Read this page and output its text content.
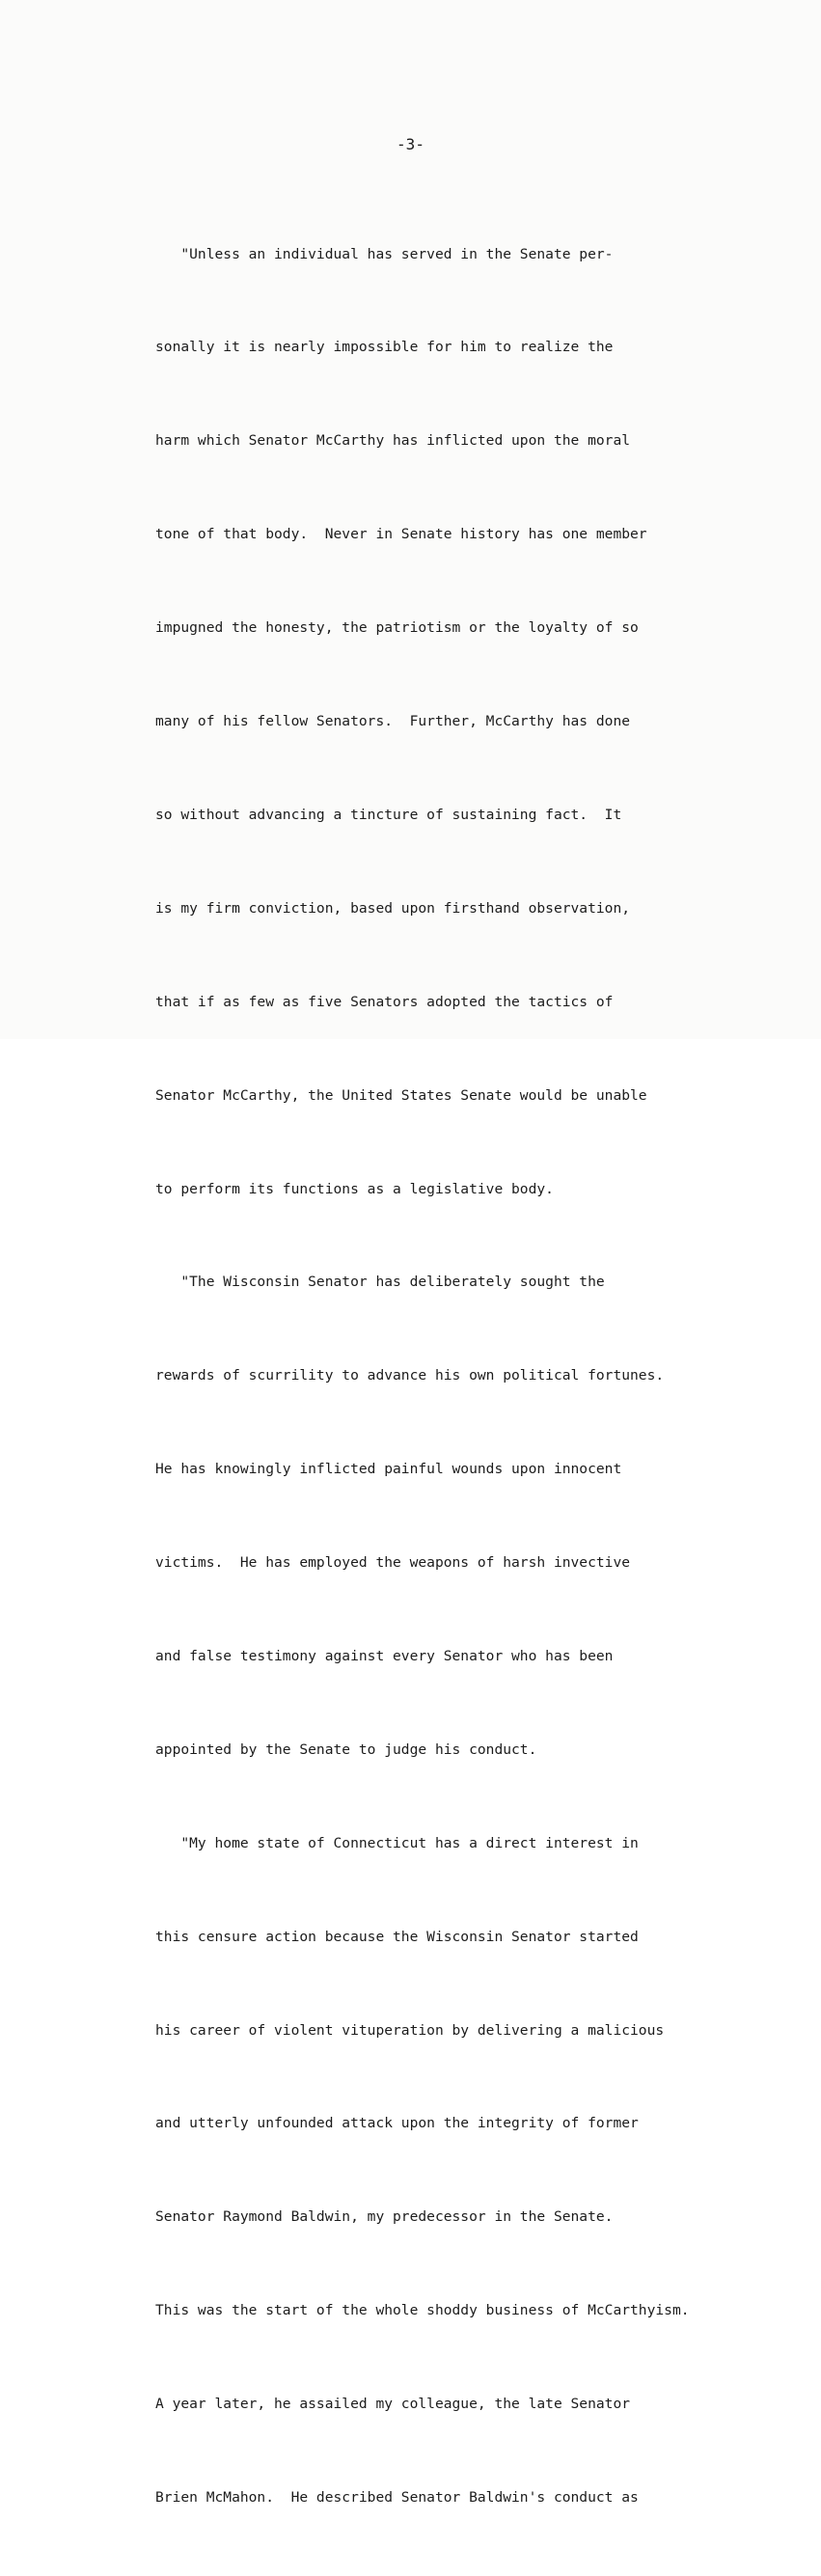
-3-

"Unless an individual has served in the Senate per-

sonally it is nearly impossible for him to realize the

harm which Senator McCarthy has inflicted upon the moral

tone of that body.  Never in Senate history has one member

impugned the honesty, the patriotism or the loyalty of so

many of his fellow Senators.  Further, McCarthy has done

so without advancing a tincture of sustaining fact.  It

is my firm conviction, based upon firsthand observation,

that if as few as five Senators adopted the tactics of

Senator McCarthy, the United States Senate would be unable

to perform its functions as a legislative body.

"The Wisconsin Senator has deliberately sought the

rewards of scurrility to advance his own political fortunes.

He has knowingly inflicted painful wounds upon innocent

victims.  He has employed the weapons of harsh invective

and false testimony against every Senator who has been

appointed by the Senate to judge his conduct.

"My home state of Connecticut has a direct interest in

this censure action because the Wisconsin Senator started

his career of violent vituperation by delivering a malicious

and utterly unfounded attack upon the integrity of former

Senator Raymond Baldwin, my predecessor in the Senate.

This was the start of the whole shoddy business of McCarthyism.

A year later, he assailed my colleague, the late Senator

Brien McMahon.  He described Senator Baldwin's conduct as
